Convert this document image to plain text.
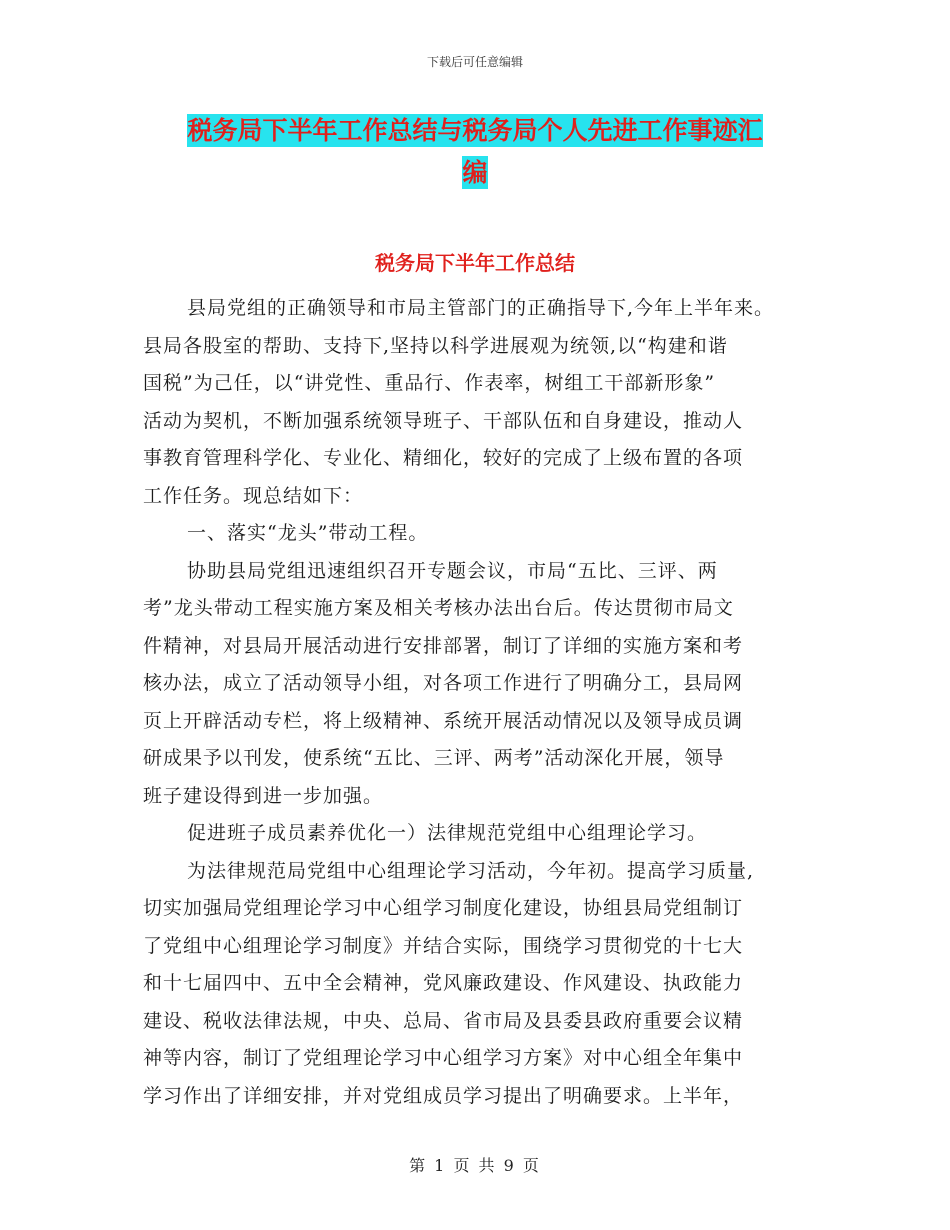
下载后可任意编辑
税务局下半年工作总结与税务局个人先进工作事迹汇
编
税务局下半年工作总结
县局党组的正确领导和市局主管部门的正确指导下,今年上半年来。
县局各股室的帮助、支持下,坚持以科学进展观为统领,以“构建和谐
国税”为己任，以“讲党性、重品行、作表率，树组工干部新形象”
活动为契机，不断加强系统领导班子、干部队伍和自身建设，推动人
事教育管理科学化、专业化、精细化，较好的完成了上级布置的各项
工作任务。现总结如下：
一、落实“龙头”带动工程。
协助县局党组迅速组织召开专题会议，市局“五比、三评、两
考”龙头带动工程实施方案及相关考核办法出台后。传达贯彻市局文
件精神，对县局开展活动进行安排部署，制订了详细的实施方案和考
核办法，成立了活动领导小组，对各项工作进行了明确分工，县局网
页上开辟活动专栏，将上级精神、系统开展活动情况以及领导成员调
研成果予以刊发，使系统“五比、三评、两考”活动深化开展，领导
班子建设得到进一步加强。
促进班子成员素养优化一）法律规范党组中心组理论学习。
为法律规范局党组中心组理论学习活动，今年初。提高学习质量,
切实加强局党组理论学习中心组学习制度化建设，协组县局党组制订
了党组中心组理论学习制度》并结合实际，围绕学习贯彻党的十七大
和十七届四中、五中全会精神，党风廉政建设、作风建设、执政能力
建设、税收法律法规，中央、总局、省市局及县委县政府重要会议精
神等内容，制订了党组理论学习中心组学习方案》对中心组全年集中
学习作出了详细安排，并对党组成员学习提出了明确要求。上半年，
第 1 页 共 9 页
